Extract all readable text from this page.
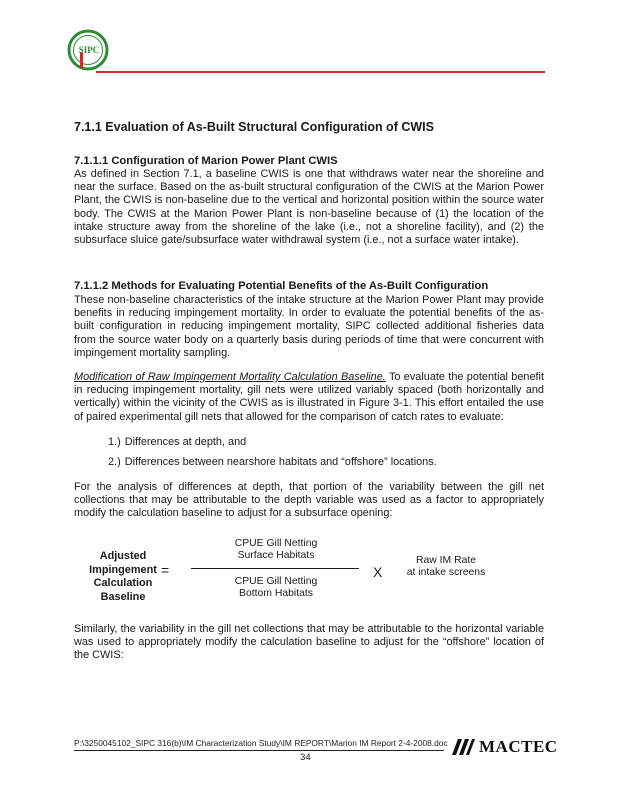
SIPC
7.1.1 Evaluation of As-Built Structural Configuration of CWIS
7.1.1.1 Configuration of Marion Power Plant CWIS

As defined in Section 7.1, a baseline CWIS is one that withdraws water near the shoreline and near the surface. Based on the as-built structural configuration of the CWIS at the Marion Power Plant, the CWIS is non-baseline due to the vertical and horizontal position within the source water body. The CWIS at the Marion Power Plant is non-baseline because of (1) the location of the intake structure away from the shoreline of the lake (i.e., not a shoreline facility), and (2) the subsurface sluice gate/subsurface water withdrawal system (i.e., not a surface water intake).

7.1.1.2 Methods for Evaluating Potential Benefits of the As-Built Configuration

These non-baseline characteristics of the intake structure at the Marion Power Plant may provide benefits in reducing impingement mortality. In order to evaluate the potential benefits of the as-built configuration in reducing impingement mortality, SIPC collected additional fisheries data from the source water body on a quarterly basis during periods of time that were concurrent with impingement mortality sampling.

Modification of Raw Impingement Mortality Calculation Baseline. To evaluate the potential benefit in reducing impingement mortality, gill nets were utilized variably spaced (both horizontally and vertically) within the vicinity of the CWIS as is illustrated in Figure 3-1. This effort entailed the use of paired experimental gill nets that allowed for the comparison of catch rates to evaluate:

1.) Differences at depth, and
2.) Differences between nearshore habitats and “offshore” locations.

For the analysis of differences at depth, that portion of the variability between the gill net collections that may be attributable to the depth variable was used as a factor to appropriately modify the calculation baseline to adjust for a subsurface opening:

Adjusted
Impingement
Calculation
Baseline
=
CPUE Gill Netting
Surface Habitats
CPUE Gill Netting
Bottom Habitats
X
Raw IM Rate
at intake screens

Similarly, the variability in the gill net collections that may be attributable to the horizontal variable was used to appropriately modify the calculation baseline to adjust for the “offshore” location of the CWIS:

P:\3250045102_SIPC 316(b)\IM Characterization Study\IM REPORT\Marion IM Report 2-4-2008.doc
34
MACTEC
